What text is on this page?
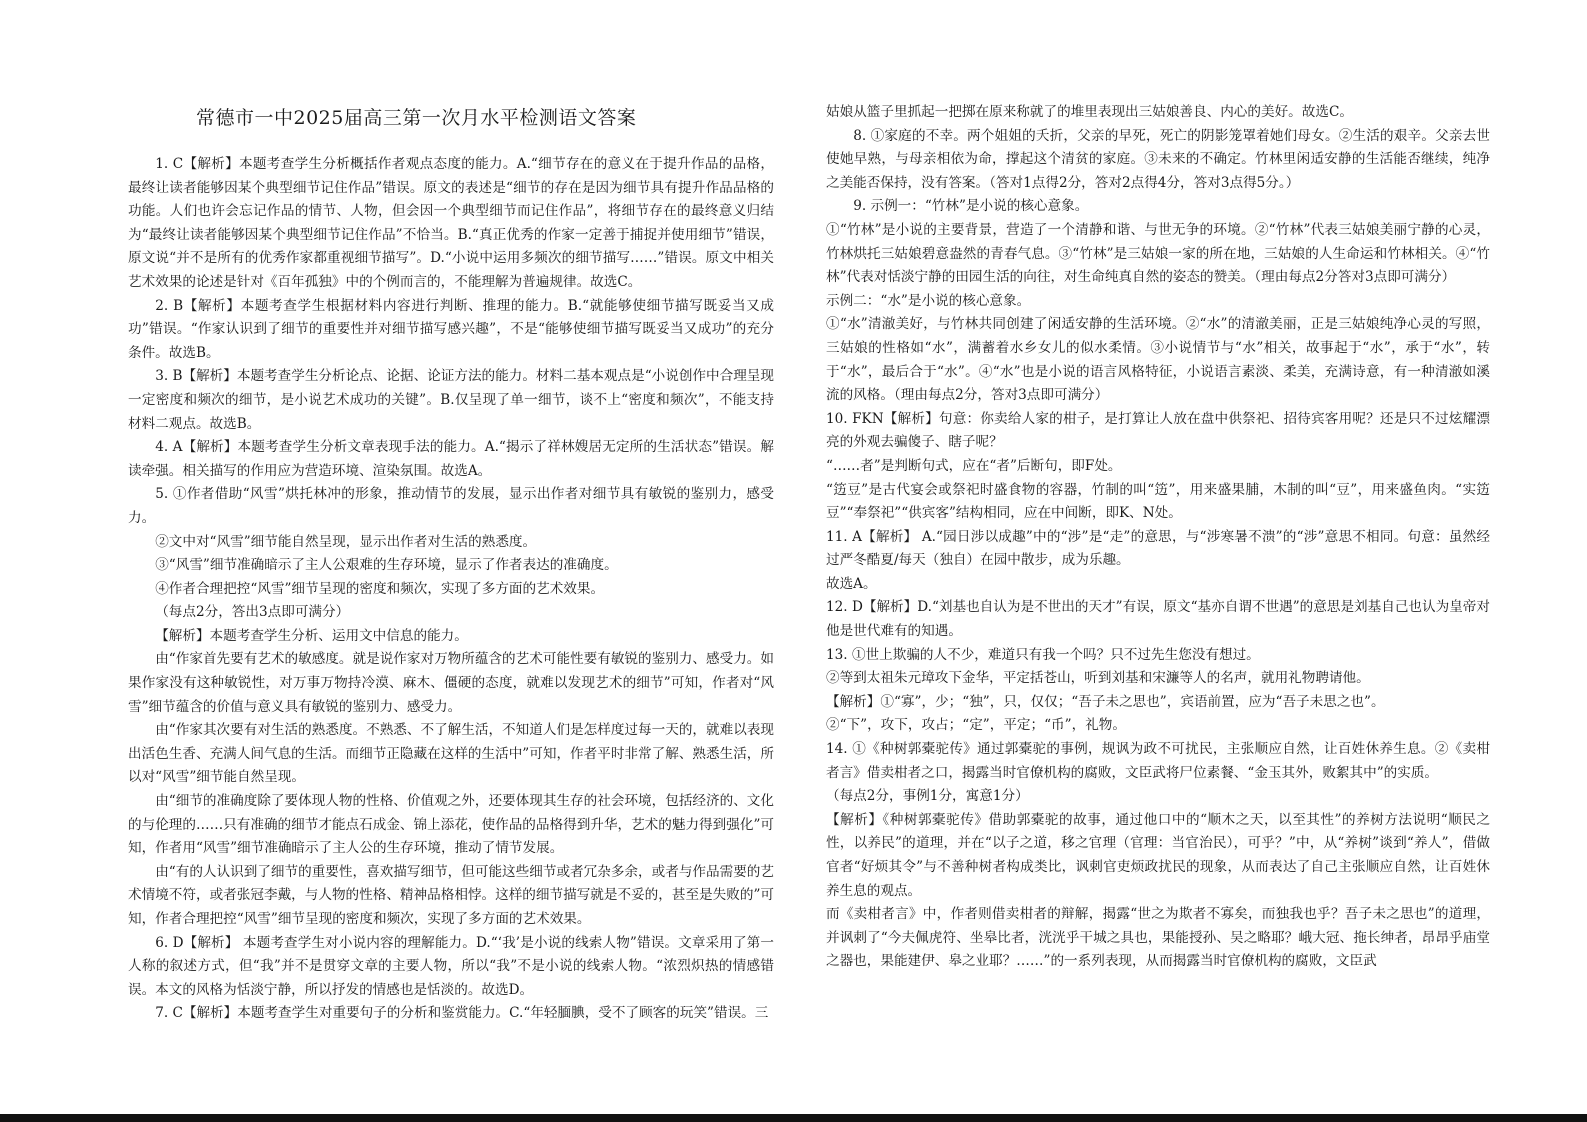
常德市一中2025届高三第一次月水平检测语文答案

1. C【解析】本题考查学生分析概括作者观点态度的能力。A.“细节存在的意义在于提升作品的品格，最终让读者能够因某个典型细节记住作品”错误。原文的表述是“细节的存在是因为细节具有提升作品品格的功能。人们也许会忘记作品的情节、人物，但会因一个典型细节而记住作品”，将细节存在的最终意义归结为“最终让读者能够因某个典型细节记住作品”不恰当。B.“真正优秀的作家一定善于捕捉并使用细节”错误，原文说“并不是所有的优秀作家都重视细节描写”。D.“小说中运用多频次的细节描写……”错误。原文中相关艺术效果的论述是针对《百年孤独》中的个例而言的，不能理解为普遍规律。故选C。

2. B【解析】本题考查学生根据材料内容进行判断、推理的能力。B.“就能够使细节描写既妥当又成功”错误。“作家认识到了细节的重要性并对细节描写感兴趣”，不是“能够使细节描写既妥当又成功”的充分条件。故选B。

3. B【解析】本题考查学生分析论点、论据、论证方法的能力。材料二基本观点是“小说创作中合理呈现一定密度和频次的细节，是小说艺术成功的关键”。B.仅呈现了单一细节，谈不上“密度和频次”，不能支持材料二观点。故选B。

4. A【解析】本题考查学生分析文章表现手法的能力。A.“揭示了祥林嫂居无定所的生活状态”错误。解读牵强。相关描写的作用应为营造环境、渲染氛围。故选A。

5. ①作者借助“风雪”烘托林冲的形象，推动情节的发展，显示出作者对细节具有敏锐的鉴别力，感受力。

②文中对“风雪”细节能自然呈现，显示出作者对生活的熟悉度。

③“风雪”细节准确暗示了主人公艰难的生存环境，显示了作者表达的准确度。

④作者合理把控“风雪”细节呈现的密度和频次，实现了多方面的艺术效果。

（每点2分，答出3点即可满分）

【解析】本题考查学生分析、运用文中信息的能力。

由“作家首先要有艺术的敏感度。就是说作家对万物所蕴含的艺术可能性要有敏锐的鉴别力、感受力。如果作家没有这种敏锐性，对万事万物持冷漠、麻木、僵硬的态度，就难以发现艺术的细节”可知，作者对“风雪”细节蕴含的价值与意义具有敏锐的鉴别力、感受力。

由“作家其次要有对生活的熟悉度。不熟悉、不了解生活，不知道人们是怎样度过每一天的，就难以表现出活色生香、充满人间气息的生活。而细节正隐藏在这样的生活中”可知，作者平时非常了解、熟悉生活，所以对“风雪”细节能自然呈现。

由“细节的准确度除了要体现人物的性格、价值观之外，还要体现其生存的社会环境，包括经济的、文化的与伦理的……只有准确的细节才能点石成金、锦上添花，使作品的品格得到升华，艺术的魅力得到强化”可知，作者用“风雪”细节准确暗示了主人公的生存环境，推动了情节发展。

由“有的人认识到了细节的重要性，喜欢描写细节，但可能这些细节或者冗杂多余，或者与作品需要的艺术情境不符，或者张冠李戴，与人物的性格、精神品格相悖。这样的细节描写就是不妥的，甚至是失败的”可知，作者合理把控“风雪”细节呈现的密度和频次，实现了多方面的艺术效果。

6. D【解析】 本题考查学生对小说内容的理解能力。D.“‘我’是小说的线索人物”错误。文章采用了第一人称的叙述方式，但“我”并不是贯穿文章的主要人物，所以“我”不是小说的线索人物。“浓烈炽热的情感错误。本文的风格为恬淡宁静，所以抒发的情感也是恬淡的。故选D。

7. C【解析】本题考查学生对重要句子的分析和鉴赏能力。C.“年轻腼腆，受不了顾客的玩笑”错误。三

姑娘从篮子里抓起一把掷在原来称就了的堆里表现出三姑娘善良、内心的美好。故选C。

8. ①家庭的不幸。两个姐姐的夭折，父亲的早死，死亡的阴影笼罩着她们母女。②生活的艰辛。父亲去世使她早熟，与母亲相依为命，撑起这个清贫的家庭。③未来的不确定。竹林里闲适安静的生活能否继续，纯净之美能否保持，没有答案。（答对1点得2分，答对2点得4分，答对3点得5分。）

9. 示例一：“竹林”是小说的核心意象。

①“竹林”是小说的主要背景，营造了一个清静和谐、与世无争的环境。②“竹林”代表三姑娘美丽宁静的心灵，竹林烘托三姑娘碧意盎然的青春气息。③“竹林”是三姑娘一家的所在地，三姑娘的人生命运和竹林相关。④“竹林”代表对恬淡宁静的田园生活的向往，对生命纯真自然的姿态的赞美。（理由每点2分答对3点即可满分）

示例二：“水”是小说的核心意象。

①“水”清澈美好，与竹林共同创建了闲适安静的生活环境。②“水”的清澈美丽，正是三姑娘纯净心灵的写照，三姑娘的性格如“水”，满蓄着水乡女儿的似水柔情。③小说情节与“水”相关，故事起于“水”，承于“水”，转于“水”，最后合于“水”。④“水”也是小说的语言风格特征，小说语言素淡、柔美，充满诗意，有一种清澈如溪流的风格。（理由每点2分，答对3点即可满分）

10. FKN【解析】句意：你卖给人家的柑子，是打算让人放在盘中供祭祀、招待宾客用呢？还是只不过炫耀漂亮的外观去骗傻子、瞎子呢？

“……者”是判断句式，应在“者”后断句，即F处。

“笾豆”是古代宴会或祭祀时盛食物的容器，竹制的叫“笾”，用来盛果脯，木制的叫“豆”，用来盛鱼肉。“实笾豆”“奉祭祀”“供宾客”结构相同，应在中间断，即K、N处。

11. A【解析】 A.“园日涉以成趣”中的“涉”是“走”的意思，与“涉寒暑不溃”的“涉”意思不相同。句意：虽然经过严冬酷夏/每天（独自）在园中散步，成为乐趣。

故选A。

12. D【解析】D.“刘基也自认为是不世出的天才”有误，原文“基亦自谓不世遇”的意思是刘基自己也认为皇帝对他是世代难有的知遇。

13. ①世上欺骗的人不少，难道只有我一个吗？只不过先生您没有想过。

②等到太祖朱元璋攻下金华，平定括苍山，听到刘基和宋濂等人的名声，就用礼物聘请他。

【解析】①“寡”，少；“独”，只，仅仅；“吾子未之思也”，宾语前置，应为“吾子未思之也”。

②“下”，攻下，攻占；“定”，平定；“币”，礼物。

14. ①《种树郭橐驼传》通过郭橐驼的事例，规讽为政不可扰民，主张顺应自然，让百姓休养生息。②《卖柑者言》借卖柑者之口，揭露当时官僚机构的腐败，文臣武将尸位素餐、“金玉其外，败絮其中”的实质。

（每点2分，事例1分，寓意1分）

【解析】《种树郭橐驼传》借助郭橐驼的故事，通过他口中的“顺木之天，以至其性”的养树方法说明“顺民之性，以养民”的道理，并在“以子之道，移之官理（官理：当官治民），可乎？”中，从“养树”谈到“养人”，借做官者“好烦其令”与不善种树者构成类比，讽刺官吏烦政扰民的现象，从而表达了自己主张顺应自然，让百姓休养生息的观点。

而《卖柑者言》中，作者则借卖柑者的辩解，揭露“世之为欺者不寡矣，而独我也乎？吾子未之思也”的道理，并讽刺了“今夫佩虎符、坐皋比者，洸洸乎干城之具也，果能授孙、吴之略耶？峨大冠、拖长绅者，昂昂乎庙堂之器也，果能建伊、皋之业耶？……”的一系列表现，从而揭露当时官僚机构的腐败，文臣武
